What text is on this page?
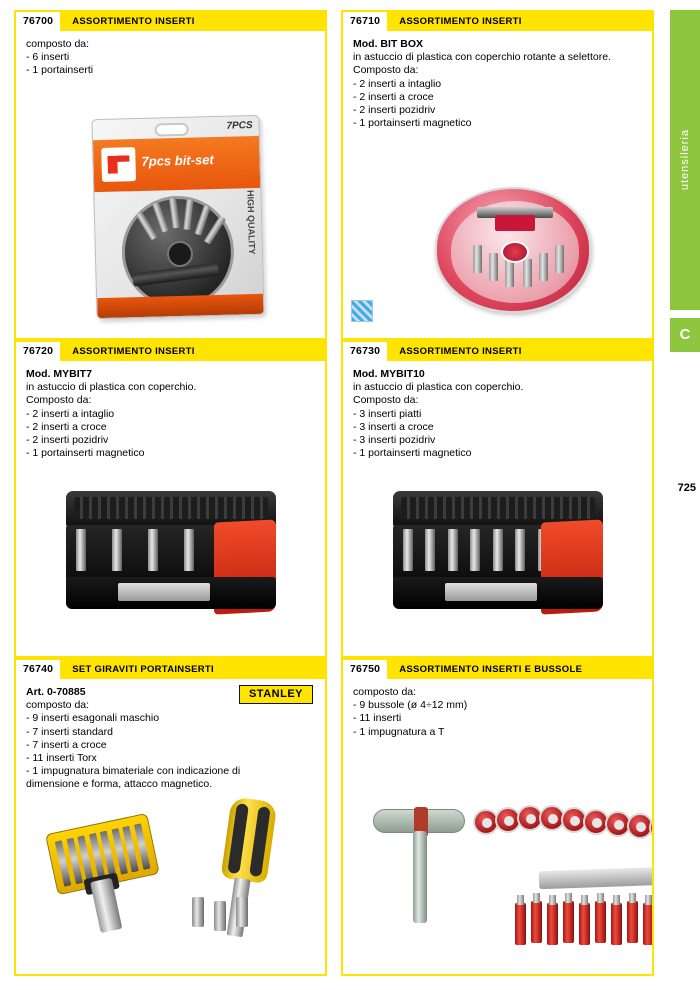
utensileria
C
725
76700	ASSORTIMENTO INSERTI
composto da:
- 6 inserti
- 1 portainserti
7PCS
7pcs bit-set
HIGH QUALITY
76710	ASSORTIMENTO INSERTI
Mod. BIT BOX
in astuccio di plastica con coperchio rotante a selettore.
Composto da:
- 2 inserti a intaglio
- 2 inserti a croce
- 2 inserti pozidriv
- 1 portainserti magnetico
76720	ASSORTIMENTO INSERTI
Mod. MYBIT7
in astuccio di plastica con coperchio.
Composto da:
- 2 inserti a intaglio
- 2 inserti a croce
- 2 inserti pozidriv
- 1 portainserti magnetico
76730	ASSORTIMENTO INSERTI
Mod. MYBIT10
in astuccio di plastica con coperchio.
Composto da:
- 3 inserti piatti
- 3 inserti a croce
- 3 inserti pozidriv
- 1 portainserti magnetico
76740	SET GIRAVITI PORTAINSERTI
STANLEY
Art. 0-70885
composto da:
- 9 inserti esagonali maschio
- 7 inserti standard
- 7 inserti a croce
- 11 inserti Torx
- 1 impugnatura bimateriale con indicazione di
dimensione e forma, attacco magnetico.
76750	ASSORTIMENTO INSERTI E BUSSOLE
composto da:
- 9 bussole (ø 4÷12 mm)
- 11 inserti
- 1 impugnatura a T
